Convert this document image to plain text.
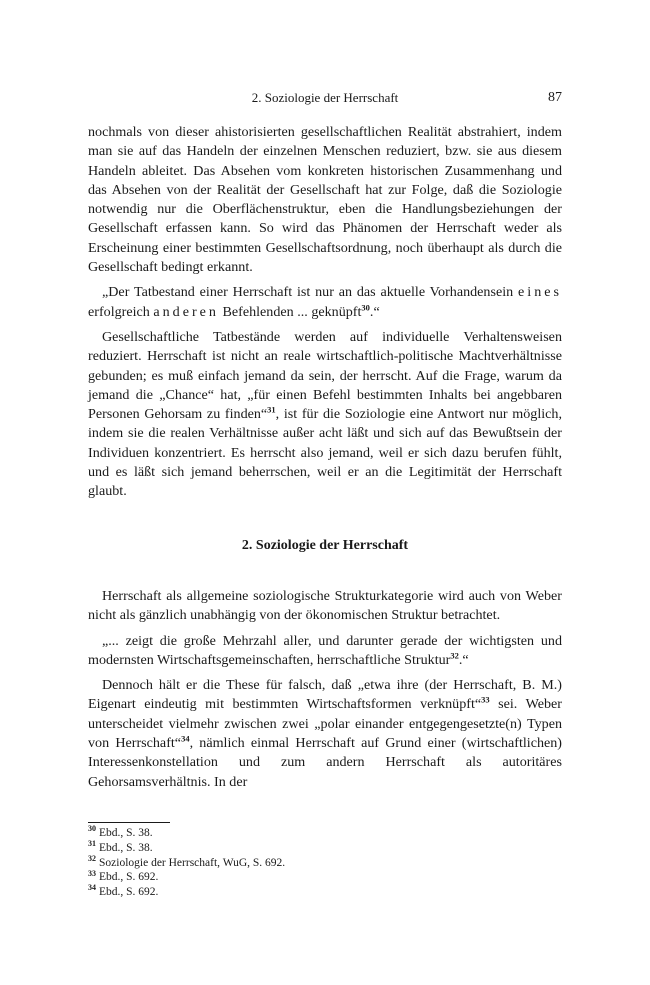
2. Soziologie der Herrschaft	87

nochmals von dieser ahistorisierten gesellschaftlichen Realität abstrahiert, indem man sie auf das Handeln der einzelnen Menschen reduziert, bzw. sie aus diesem Handeln ableitet. Das Absehen vom konkreten historischen Zusammenhang und das Absehen von der Realität der Gesellschaft hat zur Folge, daß die Soziologie notwendig nur die Oberflächenstruktur, eben die Handlungsbeziehungen der Gesellschaft erfassen kann. So wird das Phänomen der Herrschaft weder als Erscheinung einer bestimmten Gesellschaftsordnung, noch überhaupt als durch die Gesellschaft bedingt erkannt.

„Der Tatbestand einer Herrschaft ist nur an das aktuelle Vorhandensein eines erfolgreich anderen Befehlenden ... geknüpft$^{30}$.“

Gesellschaftliche Tatbestände werden auf individuelle Verhaltensweisen reduziert. Herrschaft ist nicht an reale wirtschaftlich-politische Machtverhältnisse gebunden; es muß einfach jemand da sein, der herrscht. Auf die Frage, warum da jemand die „Chance“ hat, „für einen Befehl bestimmten Inhalts bei angebbaren Personen Gehorsam zu finden“$^{31}$, ist für die Soziologie eine Antwort nur möglich, indem sie die realen Verhältnisse außer acht läßt und sich auf das Bewußtsein der Individuen konzentriert. Es herrscht also jemand, weil er sich dazu berufen fühlt, und es läßt sich jemand beherrschen, weil er an die Legitimität der Herrschaft glaubt.

2. Soziologie der Herrschaft

Herrschaft als allgemeine soziologische Strukturkategorie wird auch von Weber nicht als gänzlich unabhängig von der ökonomischen Struktur betrachtet.

„... zeigt die große Mehrzahl aller, und darunter gerade der wichtigsten und modernsten Wirtschaftsgemeinschaften, herrschaftliche Struktur$^{32}$.“

Dennoch hält er die These für falsch, daß „etwa ihre (der Herrschaft, B. M.) Eigenart eindeutig mit bestimmten Wirtschaftsformen verknüpft“$^{33}$ sei. Weber unterscheidet vielmehr zwischen zwei „polar einander entgegengesetzte(n) Typen von Herrschaft“$^{34}$, nämlich einmal Herrschaft auf Grund einer (wirtschaftlichen) Interessenkonstellation und zum andern Herrschaft als autoritäres Gehorsamsverhältnis. In der

$^{30}$ Ebd., S. 38.
$^{31}$ Ebd., S. 38.
$^{32}$ Soziologie der Herrschaft, WuG, S. 692.
$^{33}$ Ebd., S. 692.
$^{34}$ Ebd., S. 692.
